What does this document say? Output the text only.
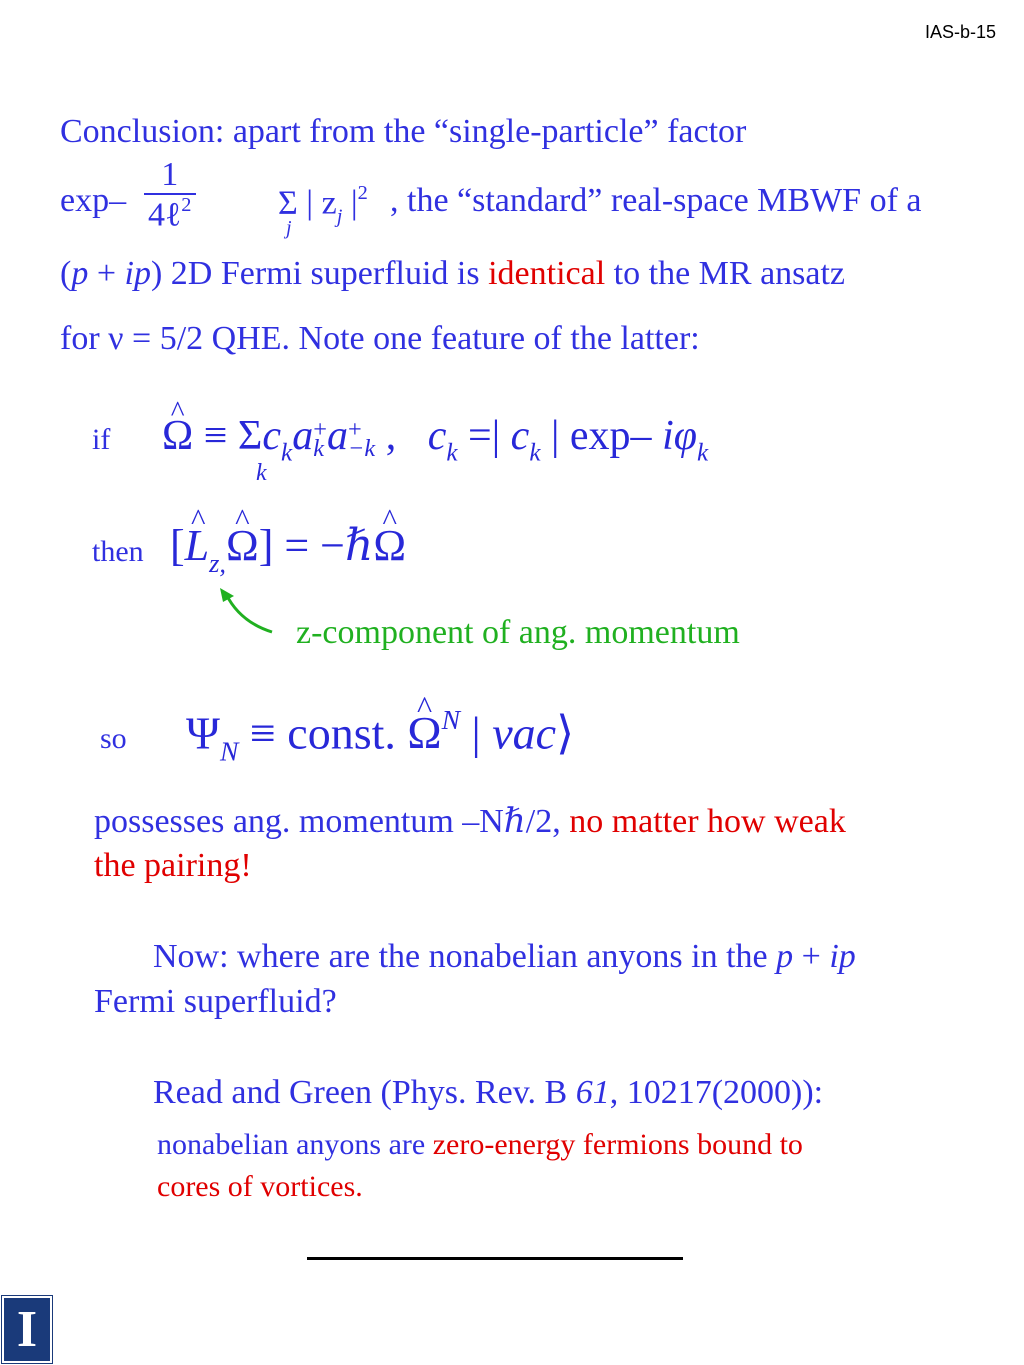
IAS-b-15
Conclusion: apart from the “single-particle” factor
exp–
1
4ℓ$^2$	Σ | $z_j$ $|^2$
j
, the “standard” real-space MBWF of a
(p + ip) 2D Fermi superfluid is identical to the MR ansatz
for ν = 5/2 QHE. Note one feature of the latter:
if
^ $\Omega \equiv \Sigma c_ka$ +
k a +
−k , $c_k$ =| $c_k$ | exp– $i\varphi_k$
k
then [^ $L_{z,}\^{}$ Ω] = −ℏ^ Ω
z-component of ang. momentum
so $\Psi_N$ ≡ const. ^ $\Omega^N$ | vac⟩
possesses ang. momentum –Nℏ/2, no matter how weak
the pairing!
Now: where are the nonabelian anyons in the p + ip
Fermi superfluid?
Read and Green (Phys. Rev. B 61, 10217(2000)):
nonabelian anyons are zero-energy fermions bound to
cores of vortices.
I
